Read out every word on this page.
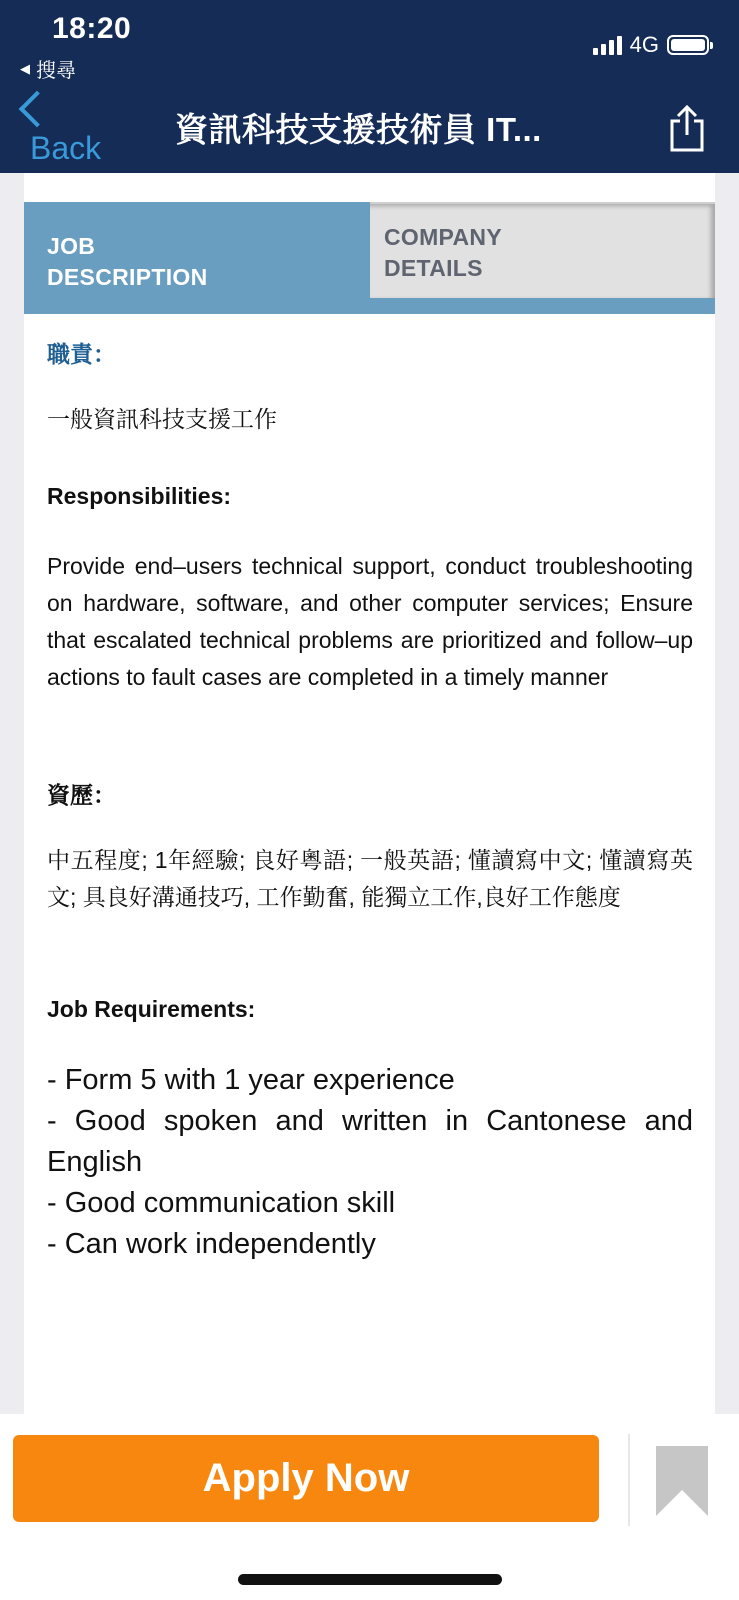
18:20
◀ 搜尋
4G
Back 資訊科技支援技術員 IT...
JOB
DESCRIPTION
COMPANY
DETAILS
職責：
一般資訊科技支援工作
Responsibilities:
Provide end–users technical support, conduct troubleshooting on hardware, software, and other computer services; Ensure that escalated technical problems are prioritized and follow–up actions to fault cases are completed in a timely manner
資歷：
中五程度; 1年經驗; 良好粵語; 一般英語; 懂讀寫中文; 懂讀寫英文; 具良好溝通技巧, 工作勤奮, 能獨立工作,良好工作態度
Job Requirements:
- Form 5 with 1 year experience
- Good spoken and written in Cantonese and English
- Good communication skill
- Can work independently
Apply Now
